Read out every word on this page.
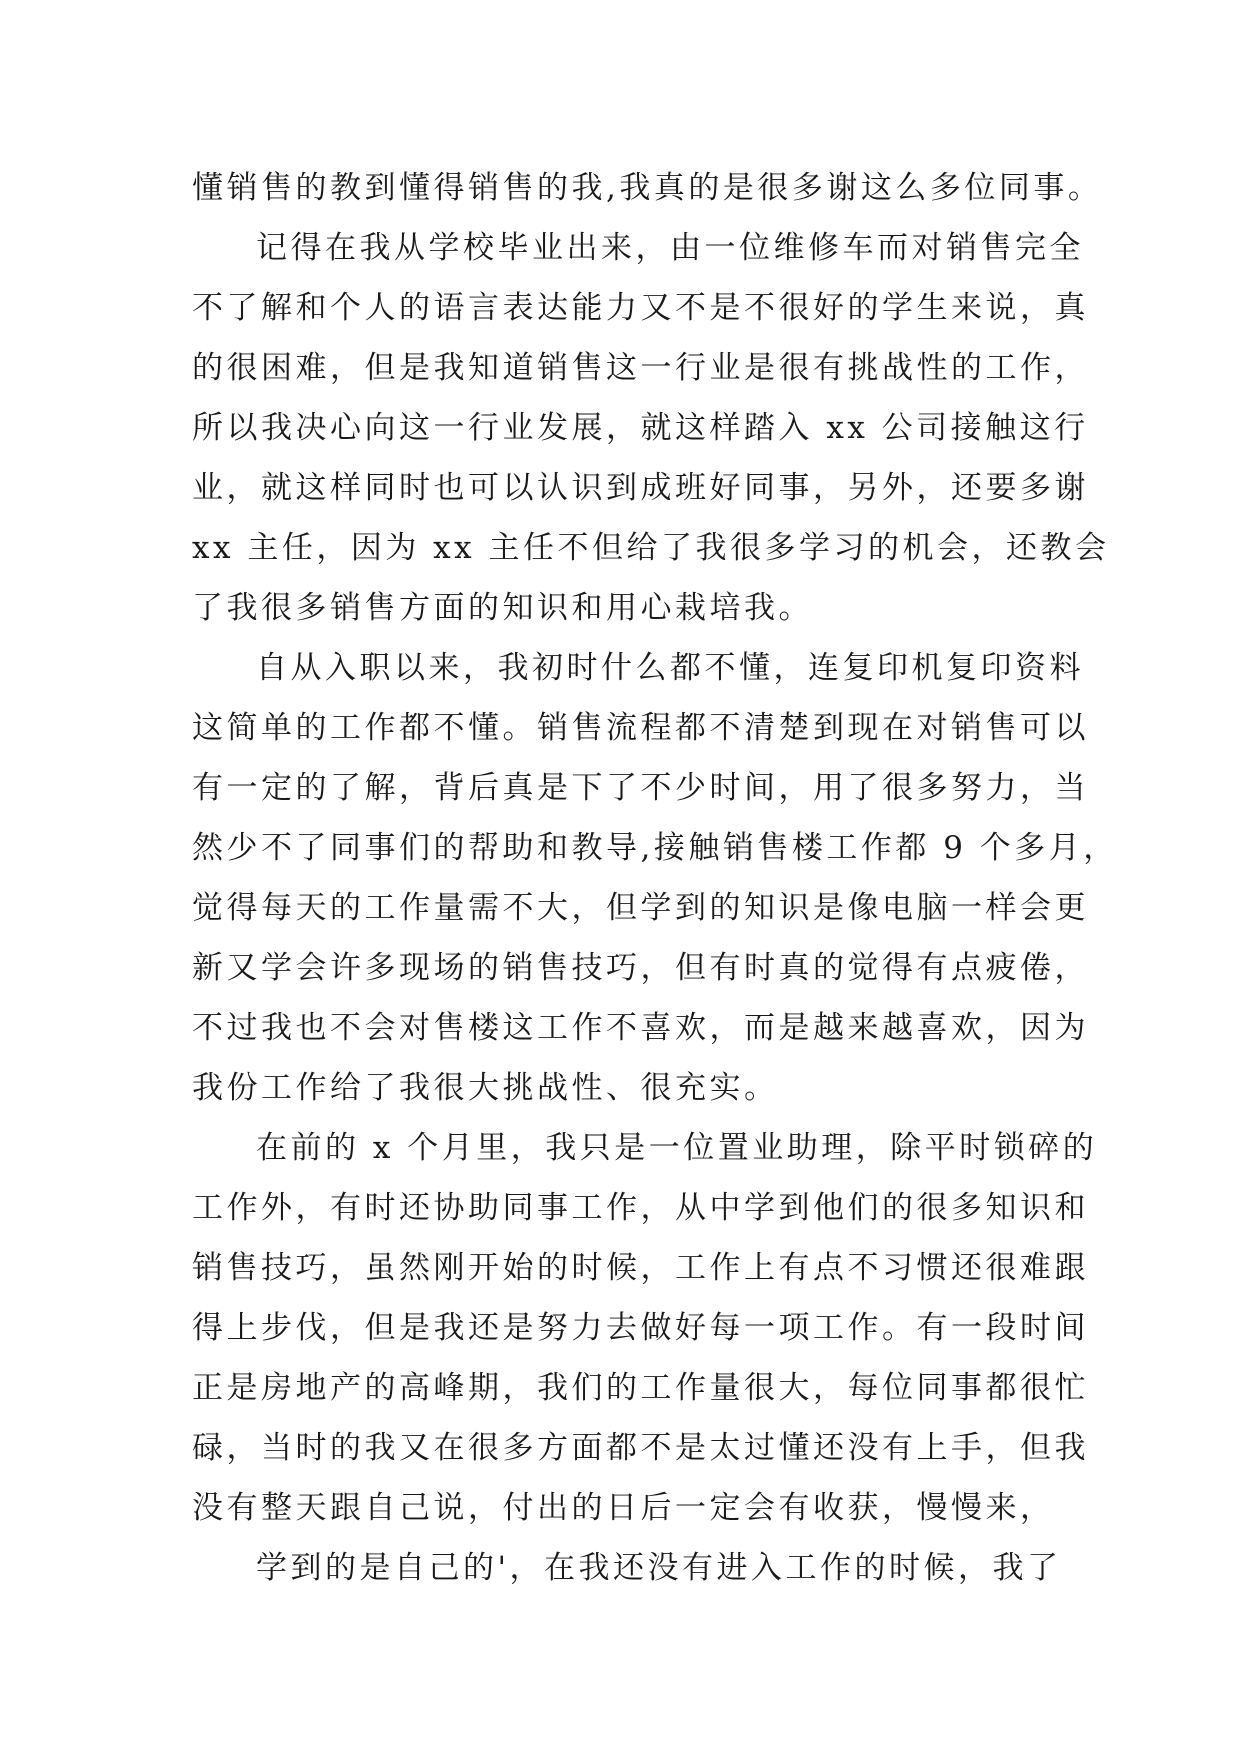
懂销售的教到懂得销售的我,我真的是很多谢这么多位同事。
记得在我从学校毕业出来，由一位维修车而对销售完全
不了解和个人的语言表达能力又不是不很好的学生来说，真
的很困难，但是我知道销售这一行业是很有挑战性的工作，
所以我决心向这一行业发展，就这样踏入 xx 公司接触这行
业，就这样同时也可以认识到成班好同事，另外，还要多谢
xx 主任，因为 xx 主任不但给了我很多学习的机会，还教会
了我很多销售方面的知识和用心栽培我。
自从入职以来，我初时什么都不懂，连复印机复印资料
这简单的工作都不懂。销售流程都不清楚到现在对销售可以
有一定的了解，背后真是下了不少时间，用了很多努力，当
然少不了同事们的帮助和教导,接触销售楼工作都 9 个多月，
觉得每天的工作量需不大，但学到的知识是像电脑一样会更
新又学会许多现场的销售技巧，但有时真的觉得有点疲倦，
不过我也不会对售楼这工作不喜欢，而是越来越喜欢，因为
我份工作给了我很大挑战性、很充实。
在前的 x 个月里，我只是一位置业助理，除平时锁碎的
工作外，有时还协助同事工作，从中学到他们的很多知识和
销售技巧，虽然刚开始的时候，工作上有点不习惯还很难跟
得上步伐，但是我还是努力去做好每一项工作。有一段时间
正是房地产的高峰期，我们的工作量很大，每位同事都很忙
碌，当时的我又在很多方面都不是太过懂还没有上手，但我
没有整天跟自己说，付出的日后一定会有收获，慢慢来，
学到的是自己的'，在我还没有进入工作的时候，我了
